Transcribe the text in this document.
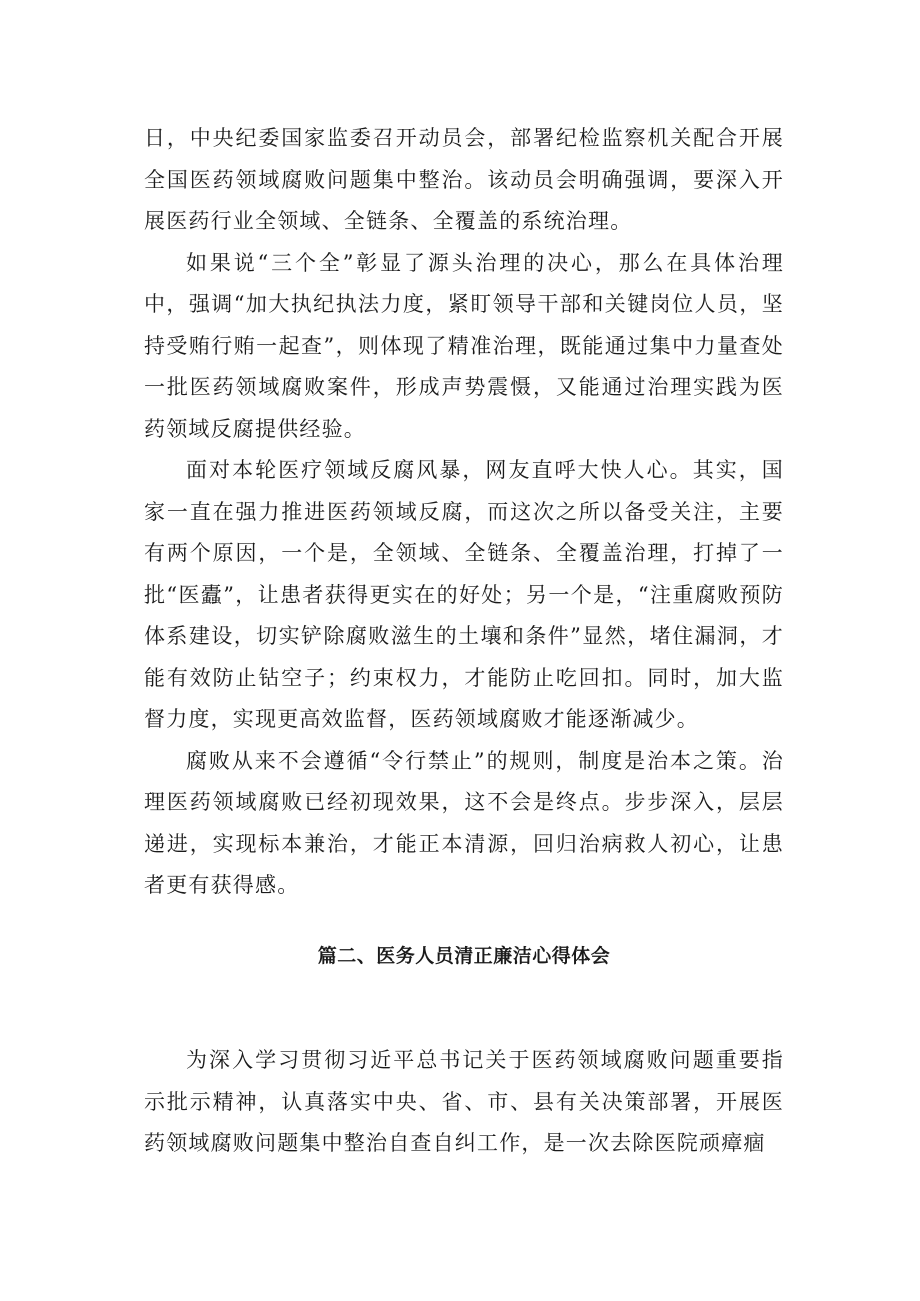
日，中央纪委国家监委召开动员会，部署纪检监察机关配合开展全国医药领域腐败问题集中整治。该动员会明确强调，要深入开展医药行业全领域、全链条、全覆盖的系统治理。

如果说“三个全”彰显了源头治理的决心，那么在具体治理中，强调“加大执纪执法力度，紧盯领导干部和关键岗位人员，坚持受贿行贿一起查”，则体现了精准治理，既能通过集中力量查处一批医药领域腐败案件，形成声势震慑，又能通过治理实践为医药领域反腐提供经验。

面对本轮医疗领域反腐风暴，网友直呼大快人心。其实，国家一直在强力推进医药领域反腐，而这次之所以备受关注，主要有两个原因，一个是，全领域、全链条、全覆盖治理，打掉了一批“医蠹”，让患者获得更实在的好处；另一个是，“注重腐败预防体系建设，切实铲除腐败滋生的土壤和条件”显然，堵住漏洞，才能有效防止钻空子；约束权力，才能防止吃回扣。同时，加大监督力度，实现更高效监督，医药领域腐败才能逐渐减少。

腐败从来不会遵循“令行禁止”的规则，制度是治本之策。治理医药领域腐败已经初现效果，这不会是终点。步步深入，层层递进，实现标本兼治，才能正本清源，回归治病救人初心，让患者更有获得感。

篇二、医务人员清正廉洁心得体会

为深入学习贯彻习近平总书记关于医药领域腐败问题重要指示批示精神，认真落实中央、省、市、县有关决策部署，开展医药领域腐败问题集中整治自查自纠工作，是一次去除医院顽瘴痼
